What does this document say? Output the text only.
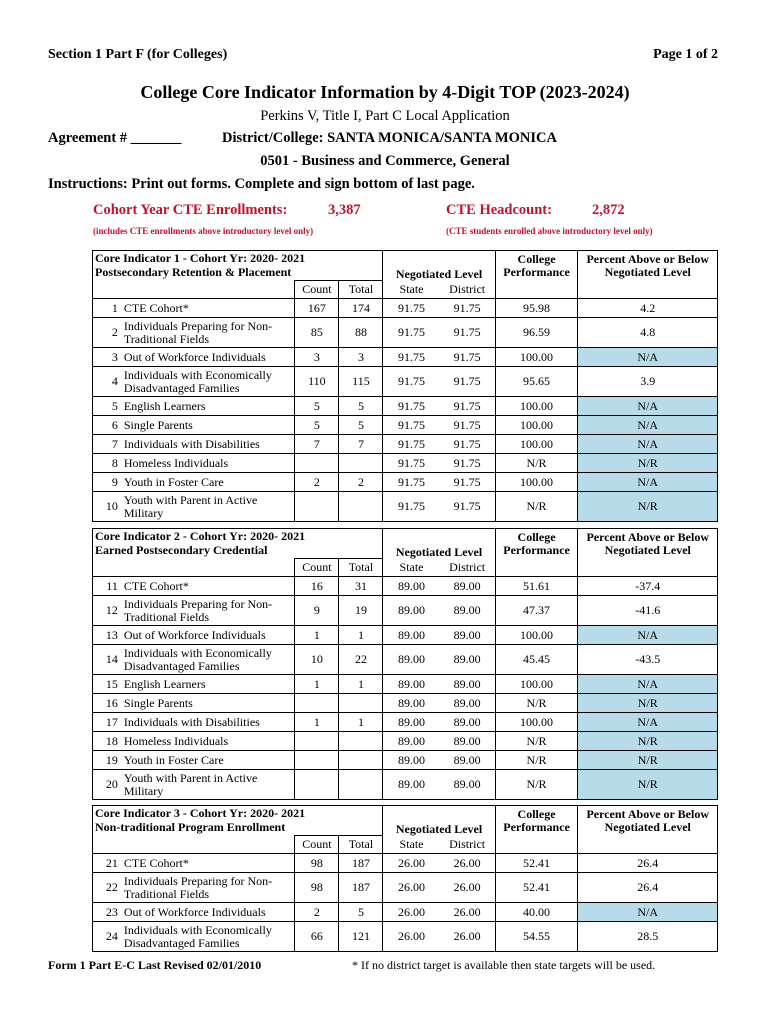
Section 1 Part F (for Colleges)	Page 1 of 2
College Core Indicator Information by 4-Digit TOP (2023-2024)
Perkins V, Title I, Part C Local Application
Agreement # _______	District/College: SANTA MONICA/SANTA MONICA
0501 - Business and Commerce, General
Instructions: Print out forms. Complete and sign bottom of last page.
Cohort Year CTE Enrollments:	3,387
(includes CTE enrollments above introductory level only)
CTE Headcount:	2,872
(CTE students enrolled above introductory level only)
Core Indicator 1 - Cohort Yr: 2020- 2021				Negotiated Level		College Performance	Percent Above or Below Negotiated Level
Postsecondary Retention & Placement							
		Count	Total	State	District		
1	CTE Cohort*	167	174	91.75	91.75	95.98	4.2
2	Individuals Preparing for Non-Traditional Fields	85	88	91.75	91.75	96.59	4.8
3	Out of Workforce Individuals	3	3	91.75	91.75	100.00	N/A
4	Individuals with Economically Disadvantaged Families	110	115	91.75	91.75	95.65	3.9
5	English Learners	5	5	91.75	91.75	100.00	N/A
6	Single Parents	5	5	91.75	91.75	100.00	N/A
7	Individuals with Disabilities	7	7	91.75	91.75	100.00	N/A
8	Homeless Individuals			91.75	91.75	N/R	N/R
9	Youth in Foster Care	2	2	91.75	91.75	100.00	N/A
10	Youth with Parent in Active Military			91.75	91.75	N/R	N/R
Core Indicator 2 - Cohort Yr: 2020- 2021				Negotiated Level		College Performance	Percent Above or Below Negotiated Level
Earned Postsecondary Credential							
		Count	Total	State	District		
11	CTE Cohort*	16	31	89.00	89.00	51.61	-37.4
12	Individuals Preparing for Non-Traditional Fields	9	19	89.00	89.00	47.37	-41.6
13	Out of Workforce Individuals	1	1	89.00	89.00	100.00	N/A
14	Individuals with Economically Disadvantaged Families	10	22	89.00	89.00	45.45	-43.5
15	English Learners	1	1	89.00	89.00	100.00	N/A
16	Single Parents			89.00	89.00	N/R	N/R
17	Individuals with Disabilities	1	1	89.00	89.00	100.00	N/A
18	Homeless Individuals			89.00	89.00	N/R	N/R
19	Youth in Foster Care			89.00	89.00	N/R	N/R
20	Youth with Parent in Active Military			89.00	89.00	N/R	N/R
Core Indicator 3 - Cohort Yr: 2020- 2021				Negotiated Level		College Performance	Percent Above or Below Negotiated Level
Non-traditional Program Enrollment							
		Count	Total	State	District		
21	CTE Cohort*	98	187	26.00	26.00	52.41	26.4
22	Individuals Preparing for Non-Traditional Fields	98	187	26.00	26.00	52.41	26.4
23	Out of Workforce Individuals	2	5	26.00	26.00	40.00	N/A
24	Individuals with Economically Disadvantaged Families	66	121	26.00	26.00	54.55	28.5
Form 1 Part E-C Last Revised 02/01/2010	* If no district target is available then state targets will be used.
